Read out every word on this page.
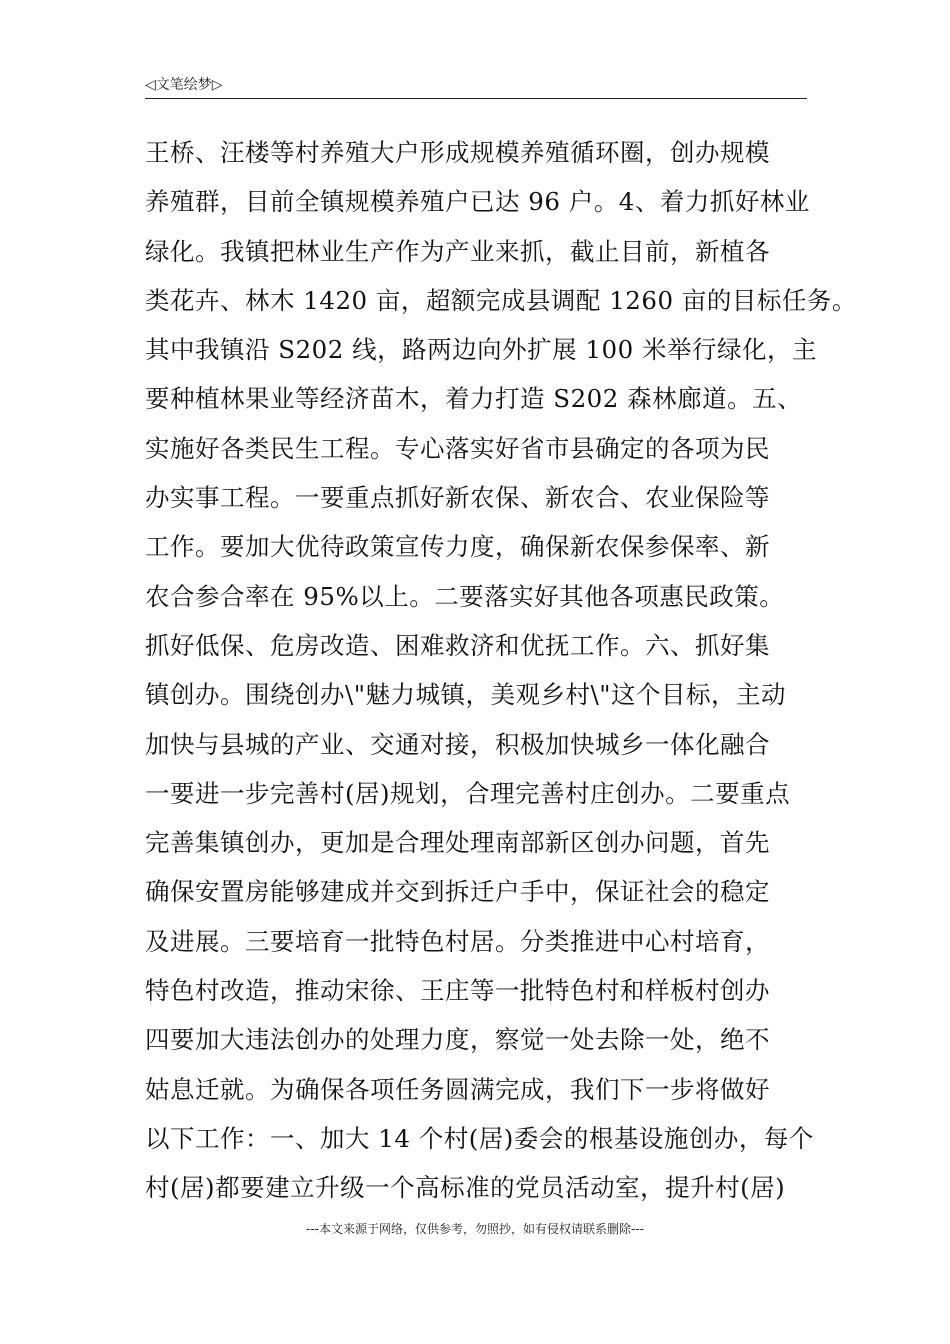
◁文笔绘梦▷
王桥、汪楼等村养殖大户形成规模养殖循环圈，创办规模
养殖群，目前全镇规模养殖户已达 96 户。4、着力抓好林业
绿化。我镇把林业生产作为产业来抓，截止目前，新植各
类花卉、林木 1420 亩，超额完成县调配 1260 亩的目标任务。
其中我镇沿 S202 线，路两边向外扩展 100 米举行绿化，主
要种植林果业等经济苗木，着力打造 S202 森林廊道。五、
实施好各类民生工程。专心落实好省市县确定的各项为民
办实事工程。一要重点抓好新农保、新农合、农业保险等
工作。要加大优待政策宣传力度，确保新农保参保率、新
农合参合率在 95%以上。二要落实好其他各项惠民政策。
抓好低保、危房改造、困难救济和优抚工作。六、抓好集
镇创办。围绕创办\"魅力城镇，美观乡村\"这个目标，主动
加快与县城的产业、交通对接，积极加快城乡一体化融合
一要进一步完善村(居)规划，合理完善村庄创办。二要重点
完善集镇创办，更加是合理处理南部新区创办问题，首先
确保安置房能够建成并交到拆迁户手中，保证社会的稳定
及进展。三要培育一批特色村居。分类推进中心村培育，
特色村改造，推动宋徐、王庄等一批特色村和样板村创办
四要加大违法创办的处理力度，察觉一处去除一处，绝不
姑息迁就。为确保各项任务圆满完成，我们下一步将做好
以下工作：一、加大 14 个村(居)委会的根基设施创办，每个
村(居)都要建立升级一个高标准的党员活动室，提升村(居)
---本文来源于网络，仅供参考，勿照抄，如有侵权请联系删除---
